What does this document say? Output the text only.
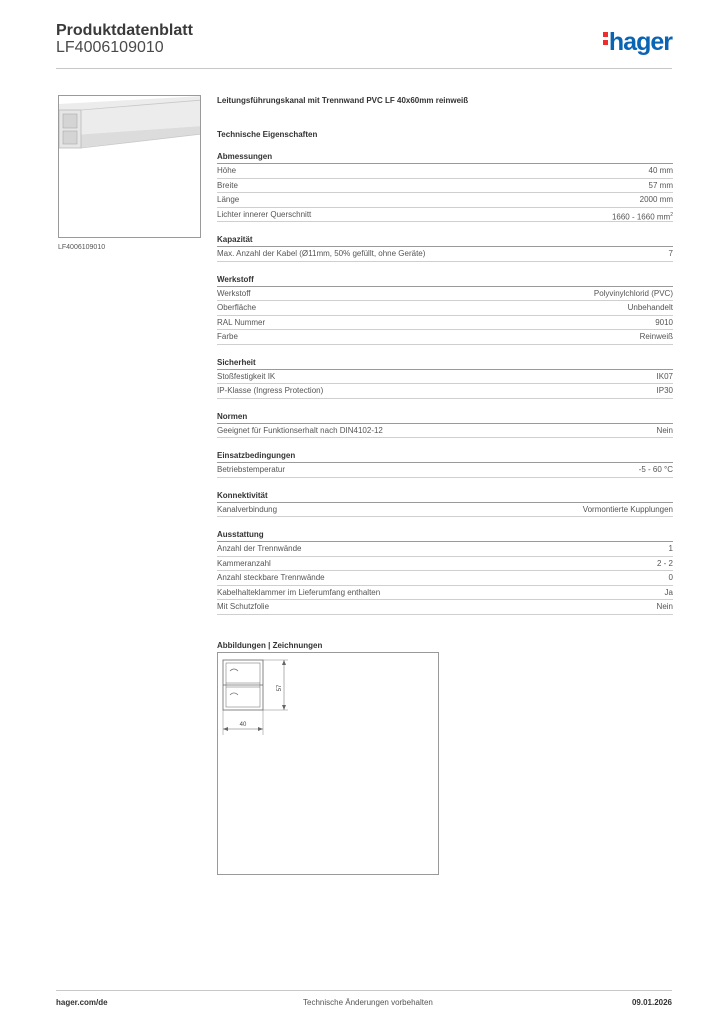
Produktdatenblatt
LF4006109010	hager
LF4006109010
Leitungsführungskanal mit Trennwand PVC LF 40x60mm reinweiß
Technische Eigenschaften
Abmessungen
Höhe	40 mm
Breite	57 mm
Länge	2000 mm
Lichter innerer Querschnitt	1660 - 1660 $mm^2$
Kapazität
Max. Anzahl der Kabel (Ø11mm, 50% gefüllt, ohne Geräte)	7
Werkstoff
Werkstoff	Polyvinylchlorid (PVC)
Oberfläche	Unbehandelt
RAL Nummer	9010
Farbe	Reinweiß
Sicherheit
Stoßfestigkeit IK	IK07
IP-Klasse (Ingress Protection)	IP30
Normen
Geeignet für Funktionserhalt nach DIN4102-12	Nein
Einsatzbedingungen
Betriebstemperatur	-5 - 60 °C
Konnektivität
Kanalverbindung	Vormontierte Kupplungen
Ausstattung
Anzahl der Trennwände	1
Kammeranzahl	2 - 2
Anzahl steckbare Trennwände	0
Kabelhalteklammer im Lieferumfang enthalten	Ja
Mit Schutzfolie	Nein
Abbildungen | Zeichnungen
57
40
hager.com/de	Technische Änderungen vorbehalten	09.01.2026
